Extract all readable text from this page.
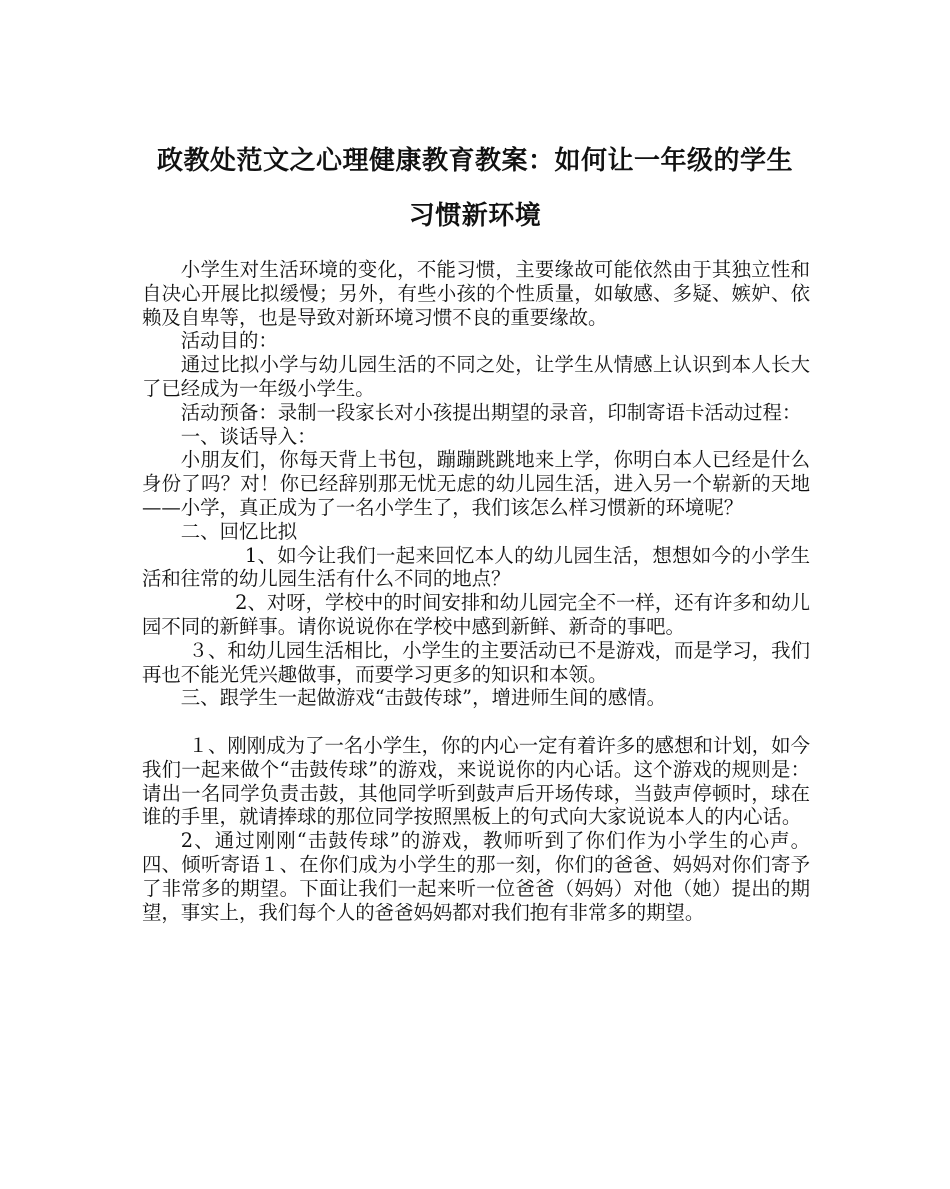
政教处范文之心理健康教育教案：如何让一年级的学生
习惯新环境

小学生对生活环境的变化，不能习惯，主要缘故可能依然由于其独立性和自决心开展比拟缓慢；另外，有些小孩的个性质量，如敏感、多疑、嫉妒、依赖及自卑等，也是导致对新环境习惯不良的重要缘故。

活动目的：

通过比拟小学与幼儿园生活的不同之处，让学生从情感上认识到本人长大了已经成为一年级小学生。

活动预备：录制一段家长对小孩提出期望的录音，印制寄语卡活动过程：

一、谈话导入：

小朋友们，你每天背上书包，蹦蹦跳跳地来上学，你明白本人已经是什么身份了吗？对！你已经辞别那无忧无虑的幼儿园生活，进入另一个崭新的天地——小学，真正成为了一名小学生了，我们该怎么样习惯新的环境呢？

二、回忆比拟

1、如今让我们一起来回忆本人的幼儿园生活，想想如今的小学生活和往常的幼儿园生活有什么不同的地点？

2、对呀，学校中的时间安排和幼儿园完全不一样，还有许多和幼儿园不同的新鲜事。请你说说你在学校中感到新鲜、新奇的事吧。

３、和幼儿园生活相比，小学生的主要活动已不是游戏，而是学习，我们再也不能光凭兴趣做事，而要学习更多的知识和本领。

三、跟学生一起做游戏“击鼓传球”，增进师生间的感情。

１、刚刚成为了一名小学生，你的内心一定有着许多的感想和计划，如今我们一起来做个“击鼓传球”的游戏，来说说你的内心话。这个游戏的规则是：请出一名同学负责击鼓，其他同学听到鼓声后开场传球，当鼓声停顿时，球在谁的手里，就请捧球的那位同学按照黑板上的句式向大家说说本人的内心话。

2、通过刚刚“击鼓传球”的游戏，教师听到了你们作为小学生的心声。四、倾听寄语１、在你们成为小学生的那一刻，你们的爸爸、妈妈对你们寄予了非常多的期望。下面让我们一起来听一位爸爸（妈妈）对他（她）提出的期望，事实上，我们每个人的爸爸妈妈都对我们抱有非常多的期望。
